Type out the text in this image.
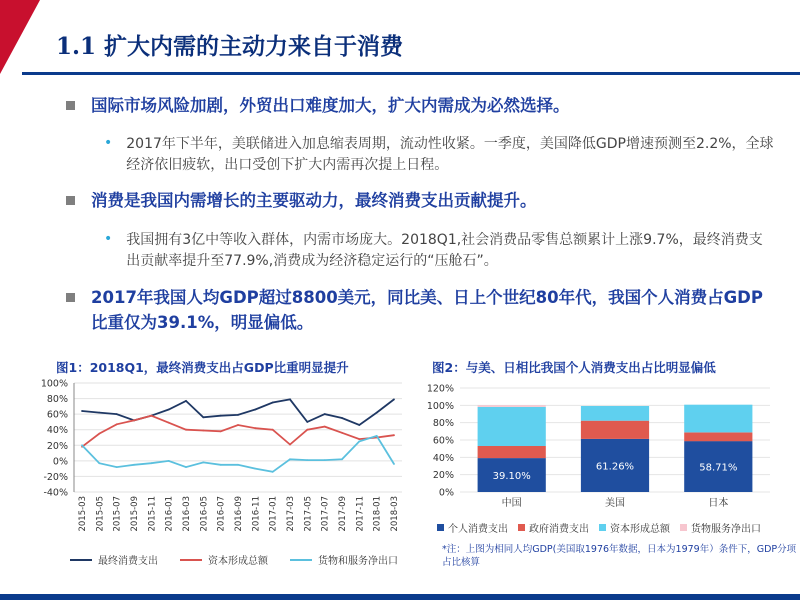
1.1 扩大内需的主动力来自于消费
国际市场风险加剧，外贸出口难度加大，扩大内需成为必然选择。
• 2017年下半年，美联储进入加息缩表周期，流动性收紧。一季度，美国降低GDP增速预测至2.2%，全球经济依旧疲软，出口受创下扩大内需再次提上日程。
消费是我国内需增长的主要驱动力，最终消费支出贡献提升。
• 我国拥有3亿中等收入群体，内需市场庞大。2018Q1,社会消费品零售总额累计上涨9.7%，最终消费支出贡献率提升至77.9%,消费成为经济稳定运行的“压舱石”。
2017年我国人均GDP超过8800美元，同比美、日上个世纪80年代，我国个人消费占GDP比重仅为39.1%，明显偏低。
图1：2018Q1，最终消费支出占GDP比重明显提升
100%
80%
60%
40%
20%
0%
-20%
-40%
2015-03 2015-05 2015-07 2015-09 2015-11 2016-01 2016-03 2016-05 2016-07 2016-09 2016-11 2017-01 2017-03 2017-05 2017-07 2017-09 2017-11 2018-01 2018-03
最终消费支出	资本形成总额	货物和服务净出口
图2：与美、日相比我国个人消费支出占比明显偏低
120%
100%
80%
60%
40%
20%
0%
39.10%
中国
61.26%
美国
58.71%
日本
个人消费支出 政府消费支出 资本形成总额 货物服务净出口
*注：上图为相同人均GDP(美国取1976年数据，日本为1979年）条件下，GDP分项占比核算
